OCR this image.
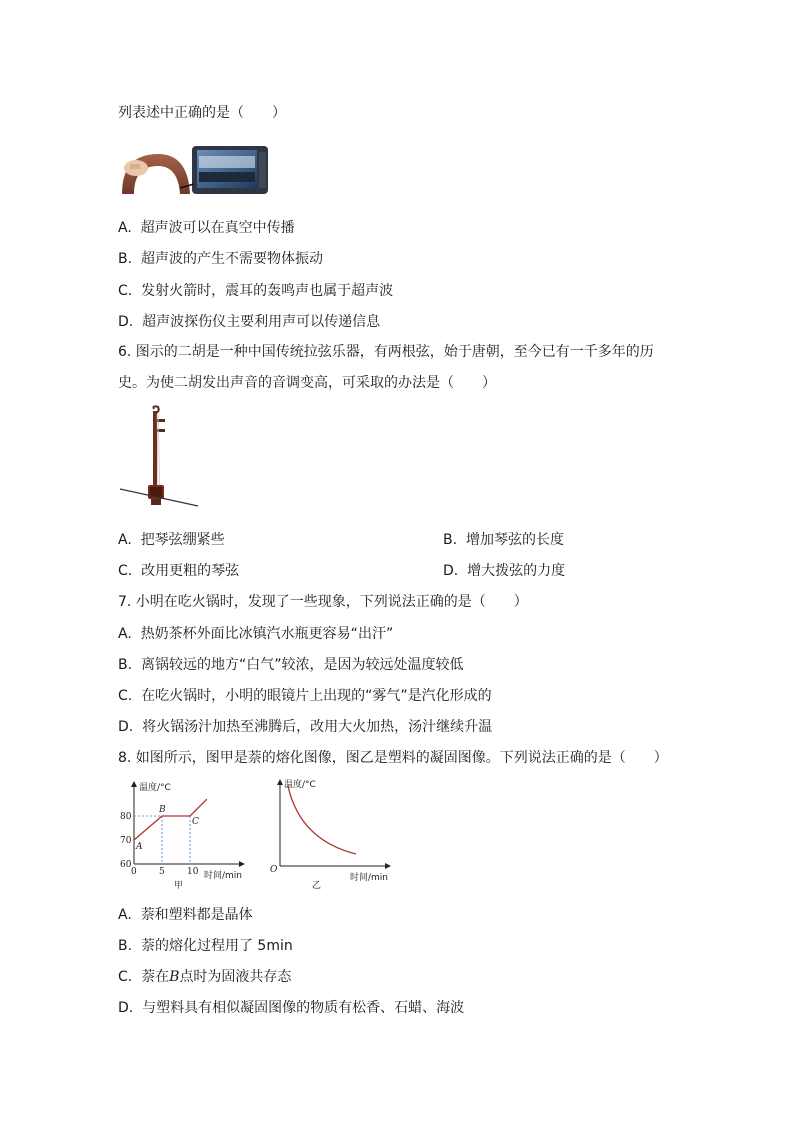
列表述中正确的是（　　）
A. 超声波可以在真空中传播
B. 超声波的产生不需要物体振动
C. 发射火箭时，震耳的轰鸣声也属于超声波
D. 超声波探伤仪主要利用声可以传递信息
6. 图示的二胡是一种中国传统拉弦乐器，有两根弦，始于唐朝，至今已有一千多年的历
史。为使二胡发出声音的音调变高，可采取的办法是（　　）
A. 把琴弦绷紧些	B. 增加琴弦的长度
C. 改用更粗的琴弦	D. 增大拨弦的力度
7. 小明在吃火锅时，发现了一些现象，下列说法正确的是（　　）
A. 热奶茶杯外面比冰镇汽水瓶更容易“出汗”
B. 离锅较远的地方“白气”较浓，是因为较远处温度较低
C. 在吃火锅时，小明的眼镜片上出现的“雾气”是汽化形成的
D. 将火锅汤汁加热至沸腾后，改用大火加热，汤汁继续升温
8. 如图所示，图甲是萘的熔化图像，图乙是塑料的凝固图像。下列说法正确的是（　　）
温度/°C
时间/min
甲
0 5 10
60
70
80
A
B
C
温度/°C
时间/min
O
乙
A. 萘和塑料都是晶体
B. 萘的熔化过程用了 5min
C. 萘在B点时为固液共存态
D. 与塑料具有相似凝固图像的物质有松香、石蜡、海波
